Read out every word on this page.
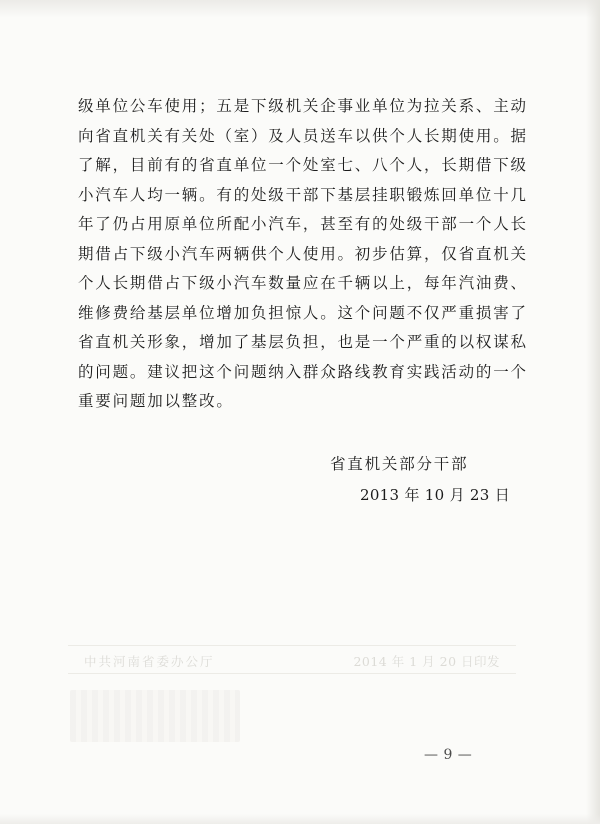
级单位公车使用；五是下级机关企事业单位为拉关系、主动
向省直机关有关处（室）及人员送车以供个人长期使用。据
了解，目前有的省直单位一个处室七、八个人，长期借下级
小汽车人均一辆。有的处级干部下基层挂职锻炼回单位十几
年了仍占用原单位所配小汽车，甚至有的处级干部一个人长
期借占下级小汽车两辆供个人使用。初步估算，仅省直机关
个人长期借占下级小汽车数量应在千辆以上，每年汽油费、
维修费给基层单位增加负担惊人。这个问题不仅严重损害了
省直机关形象，增加了基层负担，也是一个严重的以权谋私
的问题。建议把这个问题纳入群众路线教育实践活动的一个
重要问题加以整改。
省直机关部分干部
2013 年 10 月 23 日
中共河南省委办公厅	2014 年 1 月 20 日印发
— 9 —
